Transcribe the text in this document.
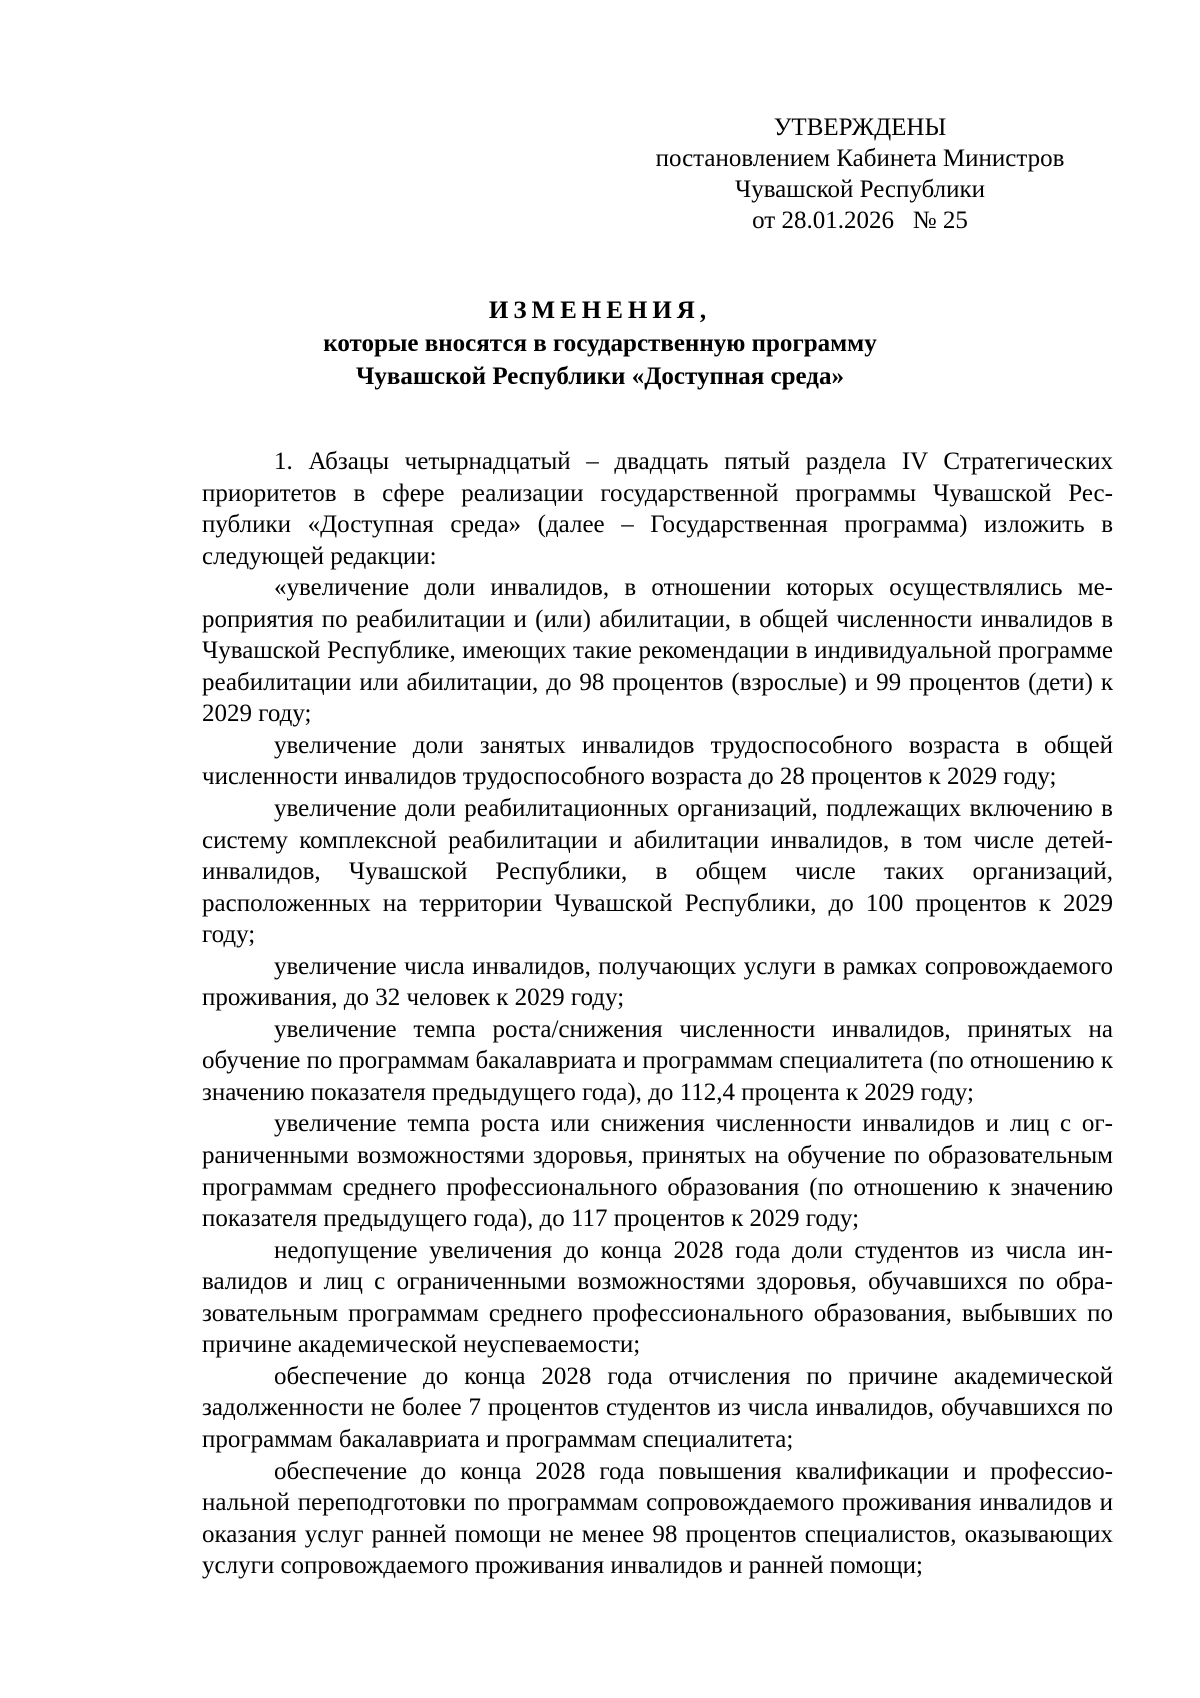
УТВЕРЖДЕНЫ
постановлением Кабинета Министров
Чувашской Республики
от 28.01.2026   № 25
ИЗМЕНЕНИЯ,
которые вносятся в государственную программу
Чувашской Республики «Доступная среда»

1. Абзацы четырнадцатый – двадцать пятый раздела IV Стратегических приоритетов в сфере реализации государственной программы Чувашской Республики «Доступная среда» (далее – Государственная программа) изложить в следующей редакции:

«увеличение доли инвалидов, в отношении которых осуществлялись мероприятия по реабилитации и (или) абилитации, в общей численности инвалидов в Чувашской Республике, имеющих такие рекомендации в индивидуальной программе реабилитации или абилитации, до 98 процентов (взрослые) и 99 процентов (дети) к 2029 году;

увеличение доли занятых инвалидов трудоспособного возраста в общей численности инвалидов трудоспособного возраста до 28 процентов к 2029 году;

увеличение доли реабилитационных организаций, подлежащих включению в систему комплексной реабилитации и абилитации инвалидов, в том числе детей-инвалидов, Чувашской Республики, в общем числе таких организаций, расположенных на территории Чувашской Республики, до 100 процентов к 2029 году;

увеличение числа инвалидов, получающих услуги в рамках сопровождаемого проживания, до 32 человек к 2029 году;

увеличение темпа роста/снижения численности инвалидов, принятых на обучение по программам бакалавриата и программам специалитета (по отношению к значению показателя предыдущего года), до 112,4 процента к 2029 году;

увеличение темпа роста или снижения численности инвалидов и лиц с ограниченными возможностями здоровья, принятых на обучение по образовательным программам среднего профессионального образования (по отношению к значению показателя предыдущего года), до 117 процентов к 2029 году;

недопущение увеличения до конца 2028 года доли студентов из числа инвалидов и лиц с ограниченными возможностями здоровья, обучавшихся по образовательным программам среднего профессионального образования, выбывших по причине академической неуспеваемости;

обеспечение до конца 2028 года отчисления по причине академической задолженности не более 7 процентов студентов из числа инвалидов, обучавшихся по программам бакалавриата и программам специалитета;

обеспечение до конца 2028 года повышения квалификации и профессиональной переподготовки по программам сопровождаемого проживания инвалидов и оказания услуг ранней помощи не менее 98 процентов специалистов, оказывающих услуги сопровождаемого проживания инвалидов и ранней помощи;
